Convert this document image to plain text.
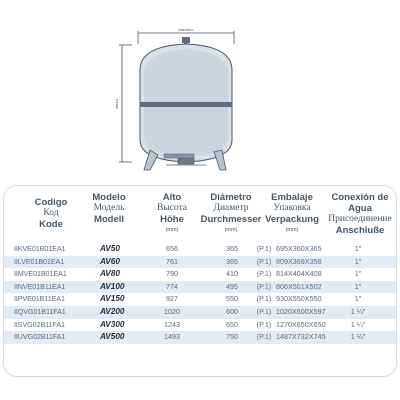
diametro
altura
Codigo
Код
Kode
Modelo
Модель
Modell
Alto
Высота
Höhe
(mm)
Diámetro
Диаметр
Durchmesser
(mm)
Embalaje
Упаковка
Verpackung
(mm)
Conexión de Agua
Присоединение
Anschluße
IIKVE01B01EA1	AV50	656	365	(P.1) 695X360X365	1"
IILVE01B01EA1	AV60	761	365	(P.1) 809X369X358	1"
IIMVE01B01EA1	AV80	790	410	(P.1) 814X404X408	1"
IINVE01B11EA1	AV100	774	495	(P.1) 806X501X502	1"
IIPVE01B11EA1	AV150	927	550	(P.1) 930X550X550	1"
IIQVG01B11FA1	AV200	1020	600	(P.1) 1020X600X597	1 ¼"
IISVG02B11FA1	AV300	1243	650	(P.1) 1270X650X650	1 ¼"
IIUVG02B11FA1	AV500	1493	750	(P.1) 1487X732X745	1 ¼"
